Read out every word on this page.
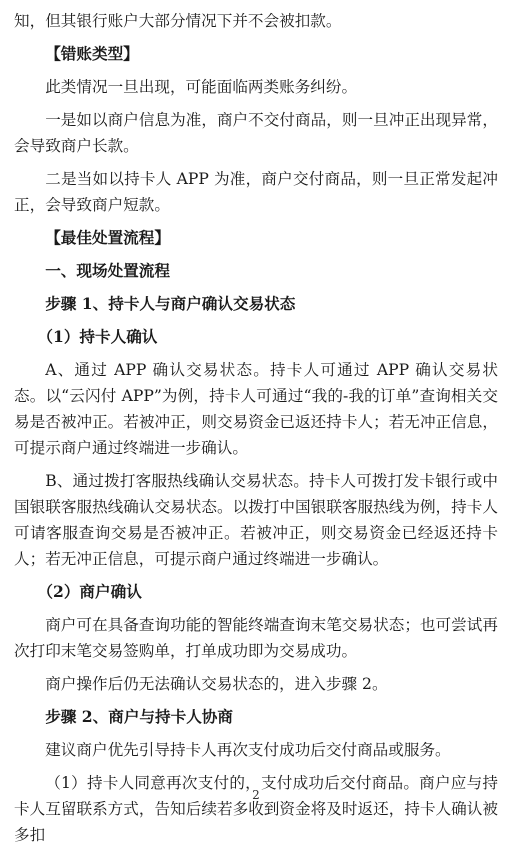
知，但其银行账户大部分情况下并不会被扣款。

【错账类型】

此类情况一旦出现，可能面临两类账务纠纷。

一是如以商户信息为准，商户不交付商品，则一旦冲正出现异常，会导致商户长款。

二是当如以持卡人 APP 为准，商户交付商品，则一旦正常发起冲正，会导致商户短款。

【最佳处置流程】

一、现场处置流程

步骤 1、持卡人与商户确认交易状态

（1）持卡人确认

A、通过 APP 确认交易状态。持卡人可通过 APP 确认交易状态。以“云闪付 APP”为例，持卡人可通过“我的-我的订单”查询相关交易是否被冲正。若被冲正，则交易资金已返还持卡人；若无冲正信息，可提示商户通过终端进一步确认。

B、通过拨打客服热线确认交易状态。持卡人可拨打发卡银行或中国银联客服热线确认交易状态。以拨打中国银联客服热线为例，持卡人可请客服查询交易是否被冲正。若被冲正，则交易资金已经返还持卡人；若无冲正信息，可提示商户通过终端进一步确认。

（2）商户确认

商户可在具备查询功能的智能终端查询末笔交易状态；也可尝试再次打印末笔交易签购单，打单成功即为交易成功。

商户操作后仍无法确认交易状态的，进入步骤 2。

步骤 2、商户与持卡人协商

建议商户优先引导持卡人再次支付成功后交付商品或服务。

（1）持卡人同意再次支付的，支付成功后交付商品。商户应与持卡人互留联系方式，告知后续若多收到资金将及时返还，持卡人确认被多扣

2
